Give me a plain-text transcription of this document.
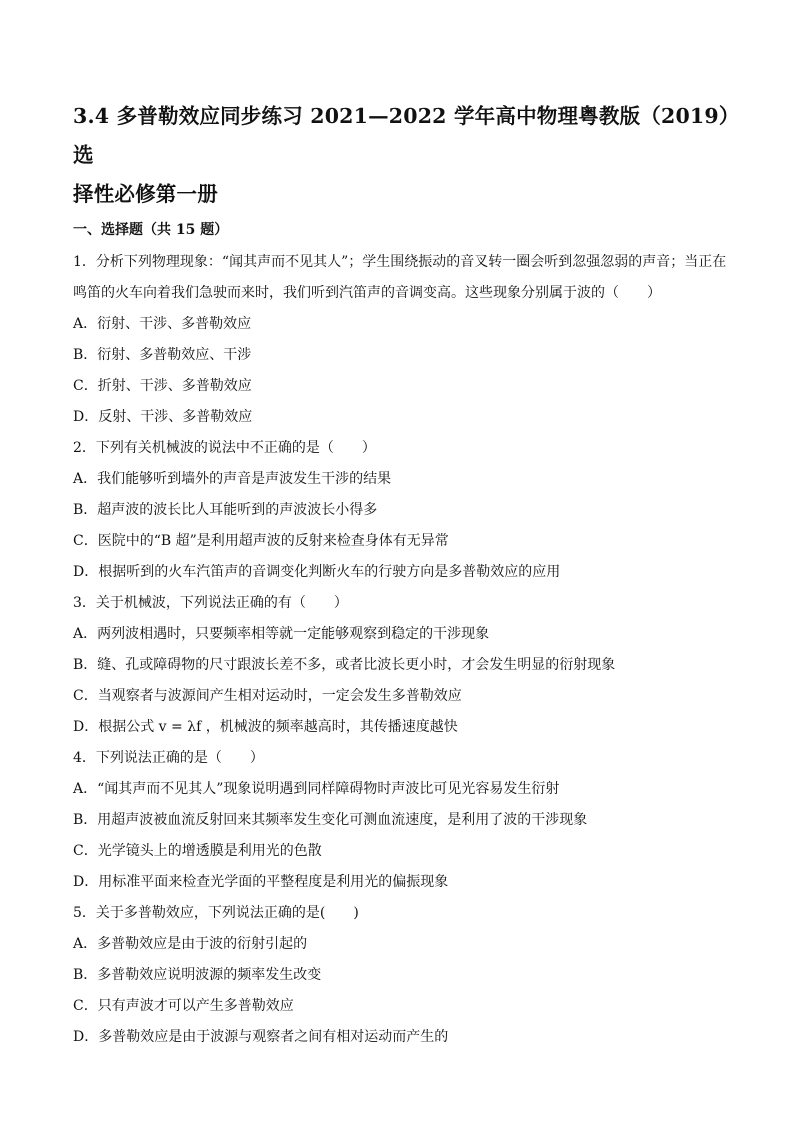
3.4 多普勒效应同步练习 2021—2022 学年高中物理粤教版（2019）选
择性必修第一册
一、选择题（共 15 题）
1．分析下列物理现象：“闻其声而不见其人”；学生围绕振动的音叉转一圈会听到忽强忽弱的声音；当正在
鸣笛的火车向着我们急驶而来时，我们听到汽笛声的音调变高。这些现象分别属于波的（　　）
A．衍射、干涉、多普勒效应
B．衍射、多普勒效应、干涉
C．折射、干涉、多普勒效应
D．反射、干涉、多普勒效应
2．下列有关机械波的说法中不正确的是（　　）
A．我们能够听到墙外的声音是声波发生干涉的结果
B．超声波的波长比人耳能听到的声波波长小得多
C．医院中的“B 超”是利用超声波的反射来检查身体有无异常
D．根据听到的火车汽笛声的音调变化判断火车的行驶方向是多普勒效应的应用
3．关于机械波，下列说法正确的有（　　）
A．两列波相遇时，只要频率相等就一定能够观察到稳定的干涉现象
B．缝、孔或障碍物的尺寸跟波长差不多，或者比波长更小时，才会发生明显的衍射现象
C．当观察者与波源间产生相对运动时，一定会发生多普勒效应
D．根据公式 v = λf ，机械波的频率越高时，其传播速度越快
4．下列说法正确的是（　　）
A．“闻其声而不见其人”现象说明遇到同样障碍物时声波比可见光容易发生衍射
B．用超声波被血流反射回来其频率发生变化可测血流速度，是利用了波的干涉现象
C．光学镜头上的增透膜是利用光的色散
D．用标准平面来检查光学面的平整程度是利用光的偏振现象
5．关于多普勒效应，下列说法正确的是(　　)
A．多普勒效应是由于波的衍射引起的
B．多普勒效应说明波源的频率发生改变
C．只有声波才可以产生多普勒效应
D．多普勒效应是由于波源与观察者之间有相对运动而产生的
